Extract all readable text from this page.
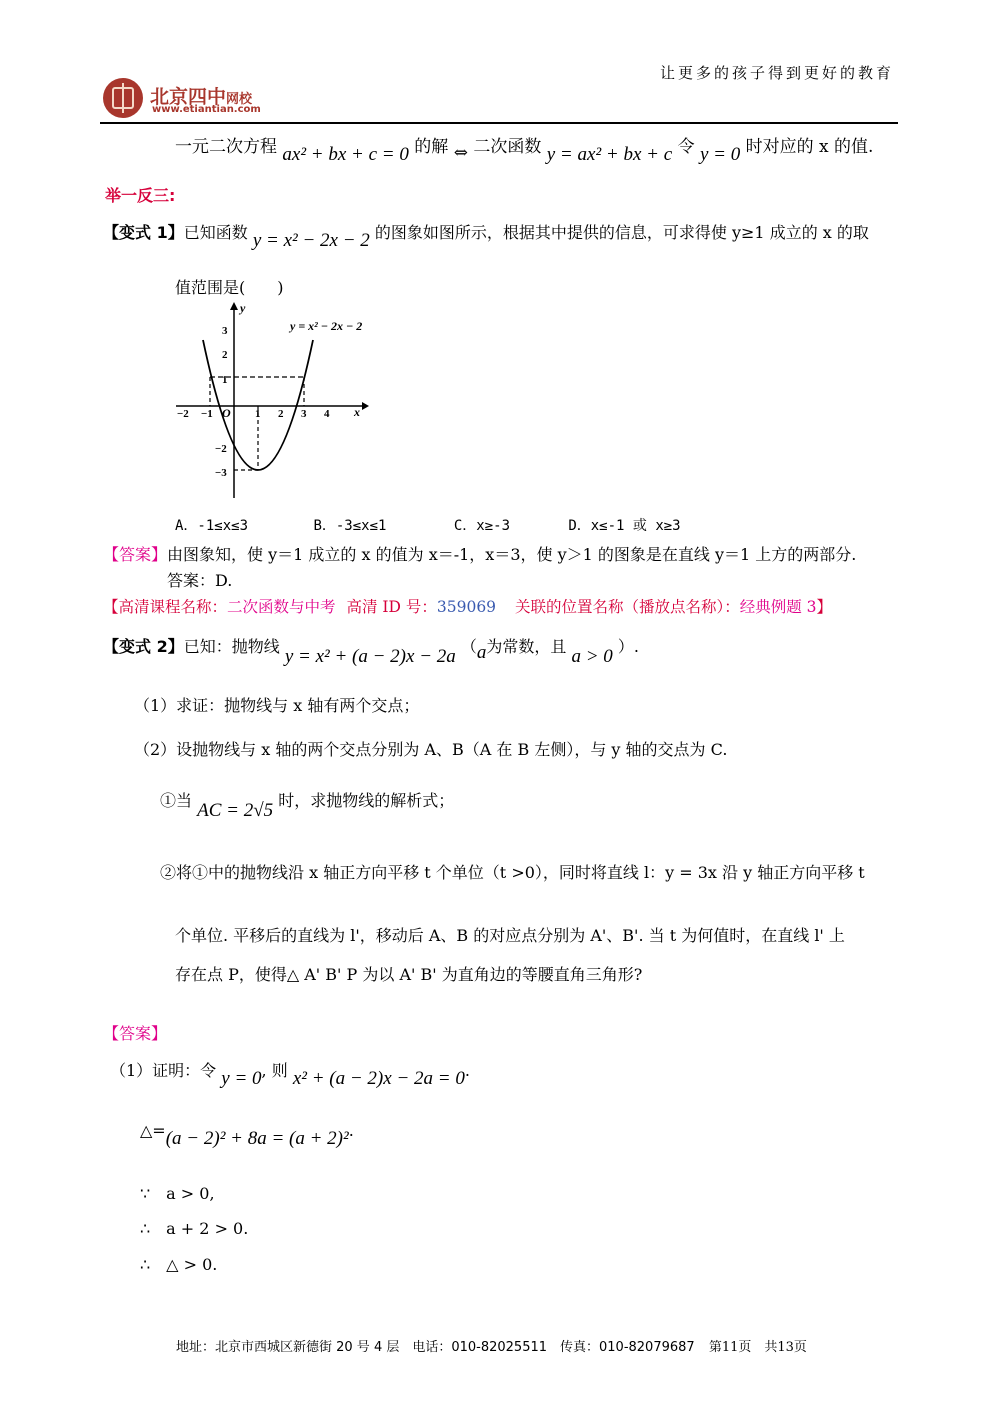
北京四中网校
www.etiantian.com
让更多的孩子得到更好的教育
一元二次方程 ax² + bx + c = 0 的解 ⇔ 二次函数 y = ax² + bx + c 令 y = 0 时对应的 x 的值.
举一反三:
【变式 1】已知函数 y = x² − 2x − 2 的图象如图所示，根据其中提供的信息，可求得使 y≥1 成立的 x 的取
值范围是(　　)
y = x² − 2x − 2
x
y
O
−2 −1	1 2 3 4
3
2
1
−2
−3
A．-1≤x≤3	B．-3≤x≤1	C．x≥-3	D．x≤-1 或 x≥3
【答案】由图象知，使 y＝1 成立的 x 的值为 x＝-1，x＝3，使 y＞1 的图象是在直线 y＝1 上方的两部分.
答案：D.
【高清课程名称：二次函数与中考 高清 ID 号：359069 关联的位置名称（播放点名称）：经典例题 3】
【变式 2】已知：抛物线 y = x² + (a − 2)x − 2a （a为常数，且 a > 0 ）.
（1）求证：抛物线与 x 轴有两个交点；
（2）设抛物线与 x 轴的两个交点分别为 A、B（A 在 B 左侧），与 y 轴的交点为 C.
①当 AC = 2√5 时，求抛物线的解析式；
②将①中的抛物线沿 x 轴正方向平移 t 个单位（t >0），同时将直线 l：y = 3x 沿 y 轴正方向平移 t
个单位. 平移后的直线为 l'，移动后 A、B 的对应点分别为 A'、B'. 当 t 为何值时，在直线 l' 上
存在点 P，使得△ A' B' P 为以 A' B' 为直角边的等腰直角三角形?
【答案】
（1）证明：令 y = 0, 则 x² + (a − 2)x − 2a = 0.
△=(a − 2)² + 8a = (a + 2)².
∵　a > 0,
∴　a + 2 > 0.
∴　△ > 0.
地址：北京市西城区新德街 20 号 4 层　电话：010-82025511　传真：010-82079687 第11页　共13页
